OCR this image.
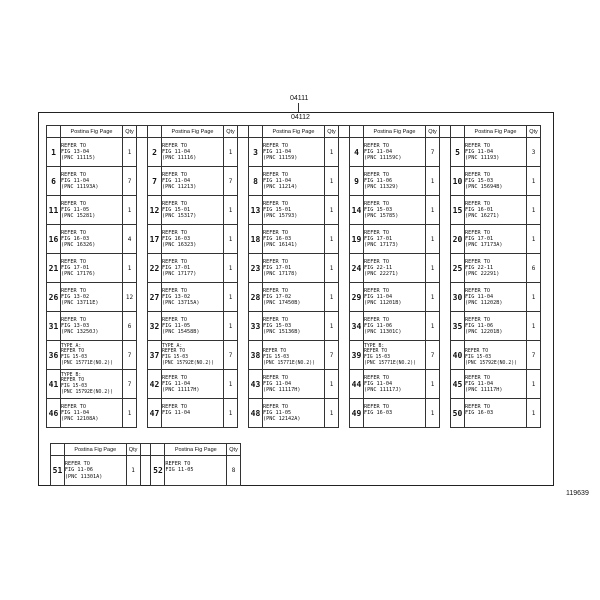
04111
04112
	Postina Fig Page	Qty			Postina Fig Page	Qty			Postina Fig Page	Qty			Postina Fig Page	Qty			Postina Fig Page	Qty
1	REFER TO
FIG 13-04
(PNC 11115)	1		2	REFER TO
FIG 11-04
(PNC 11116)	1		3	REFER TO
FIG 11-04
(PNC 11159)	1		4	REFER TO
FIG 11-04
(PNC 11159C)	7		5	REFER TO
FIG 11-04
(PNC 11193)	3
6	REFER TO
FIG 11-04
(PNC 11193A)	7		7	REFER TO
FIG 11-04
(PNC 11213)	7		8	REFER TO
FIG 11-04
(PNC 11214)	1		9	REFER TO
FIG 11-06
(PNC 11329)	1		10	REFER TO
FIG 15-03
(PNC 15694B)	1
11	REFER TO
FIG 11-05
(PNC 15281)	1		12	REFER TO
FIG 15-01
(PNC 15317)	1		13	REFER TO
FIG 15-01
(PNC 15793)	1		14	REFER TO
FIG 15-03
(PNC 15785)	1		15	REFER TO
FIG 16-01
(PNC 16271)	1
16	REFER TO
FIG 16-03
(PNC 16326)	4		17	REFER TO
FIG 16-03
(PNC 16323)	1		18	REFER TO
FIG 16-03
(PNC 16141)	1		19	REFER TO
FIG 17-01
(PNC 17173)	1		20	REFER TO
FIG 17-01
(PNC 17173A)	1
21	REFER TO
FIG 17-01
(PNC 17176)	1		22	REFER TO
FIG 17-01
(PNC 17177)	1		23	REFER TO
FIG 17-01
(PNC 17178)	1		24	REFER TO
FIG 22-11
(PNC 22271)	1		25	REFER TO
FIG 22-11
(PNC 22291)	6
26	REFER TO
FIG 13-02
(PNC 13711E)	12		27	REFER TO
FIG 13-02
(PNC 13715A)	1		28	REFER TO
FIG 17-02
(PNC 17450B)	1		29	REFER TO
FIG 11-04
(PNC 11201B)	1		30	REFER TO
FIG 11-04
(PNC 11202B)	1
31	REFER TO
FIG 13-03
(PNC 13250J)	6		32	REFER TO
FIG 11-05
(PNC 15458B)	1		33	REFER TO
FIG 15-03
(PNC 15136B)	1		34	REFER TO
FIG 11-06
(PNC 11301C)	1		35	REFER TO
FIG 11-06
(PNC 12201B)	1
36	TYPE A:
REFER TO
FIG 15-03
(PNC 15771E(NO.2))	7		37	TYPE A:
REFER TO
FIG 15-03
(PNC 15792E(NO.2))	7		38	REFER TO
FIG 15-03
(PNC 15771E(NO.2))	7		39	TYPE B:
REFER TO
FIG 15-03
(PNC 15771E(NO.2))	7		40	REFER TO
FIG 15-03
(PNC 15792E(NO.2))	7
41	TYPE B:
REFER TO
FIG 15-03
(PNC 15792E(NO.2))	7		42	REFER TO
FIG 11-04
(PNC 11117H)	1		43	REFER TO
FIG 11-04
(PNC 11117H)	1		44	REFER TO
FIG 11-04
(PNC 11117J)	1		45	REFER TO
FIG 11-04
(PNC 11117H)	1
46	REFER TO
FIG 11-04
(PNC 12108A)	1		47	REFER TO
FIG 11-04	1		48	REFER TO
FIG 11-05
(PNC 12142A)	1		49	REFER TO
FIG 16-03	1		50	REFER TO
FIG 16-03	1
	Postina Fig Page	Qty			Postina Fig Page	Qty
51	REFER TO
FIG 11-06
(PNC 11301A)	1		52	REFER TO
FIG 11-05	8
119639
